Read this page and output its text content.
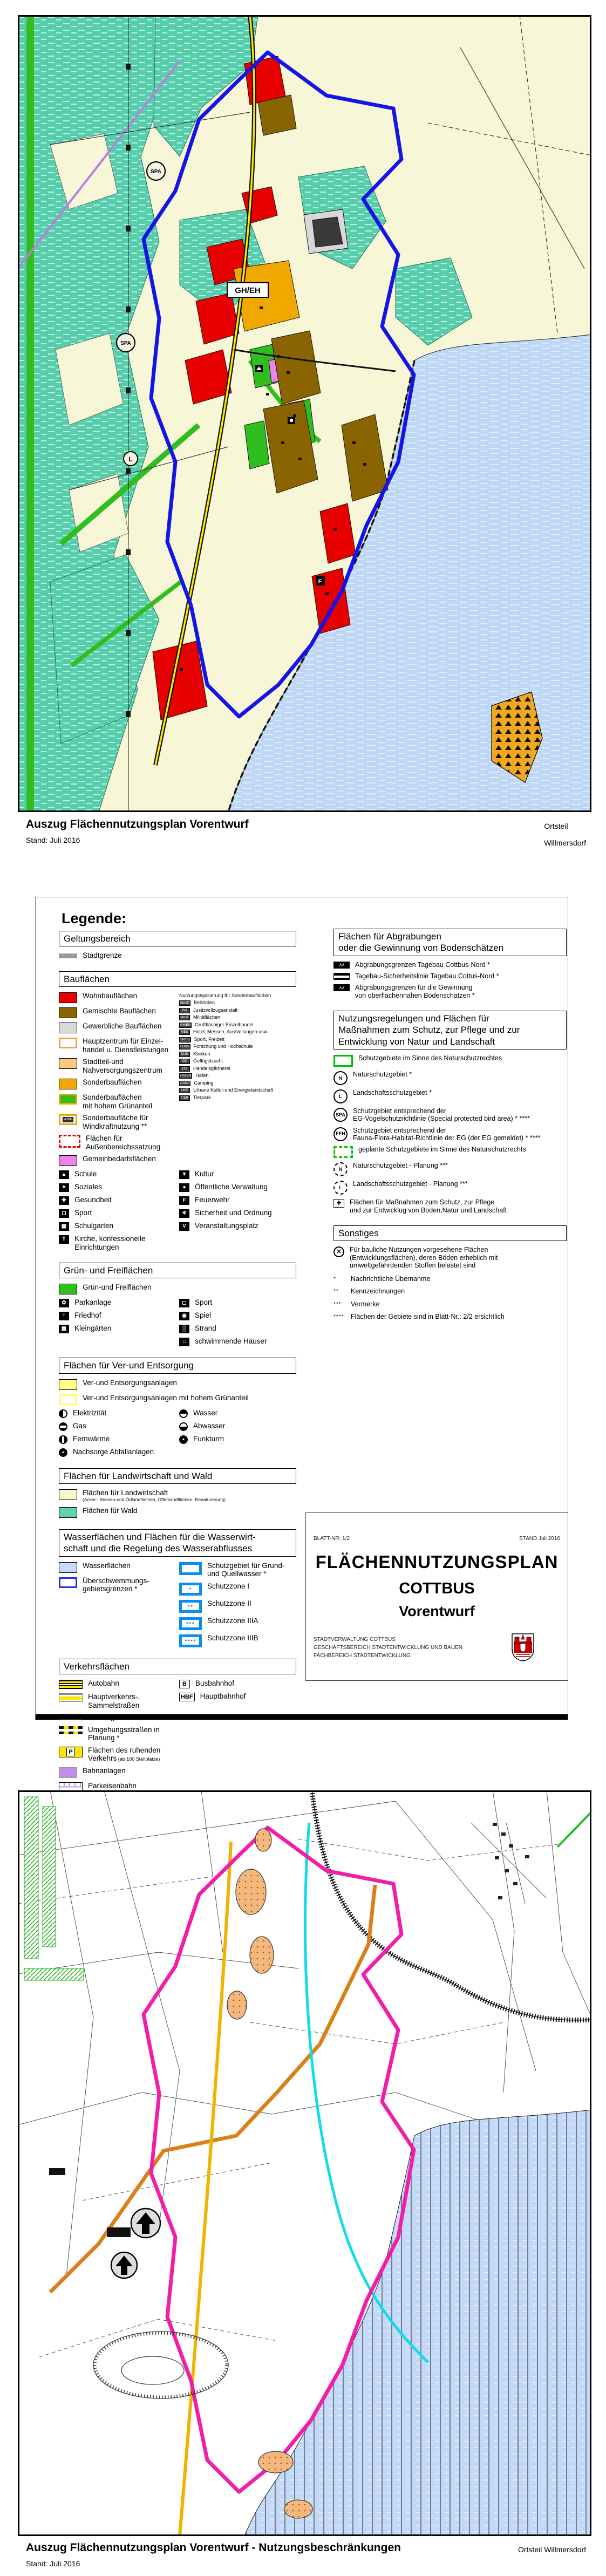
SPA
SPA
L
GH/EH
F
Auszug Flächennutzungsplan Vorentwurf
Stand: Juli 2016
Ortsteil
Willmersdorf
Legende:
Geltungsbereich
Stadtgrenze
Bauflächen
Wohnbauflächen
Gemischte Bauflächen
Gewerbliche Bauflächen
Hauptzentrum für Einzel-
handel u. Dienstleistungen
Stadtteil-und
Nahversorgungszentrum
Sonderbauflächen
Sonderbauflächen
mit hohem Grünanteil
WIND Sonderbaufläche für
Windkraftnutzung **
Flächen für
Außenbereichssatzung
Gemeinbedarfsflächen
Nutzungstypisierung für Sonderbauflächen
BEHÖ Behörden
JVA Justizvollzugsanstalt
MILIT Militäflächen
GH/EH Großflächiger Einzelhandel
MES Hotel, Messen, Ausstellungen usw.
SP/FR Sport, Freizeit
FORS Forschung und Hochschule
KLIN Kliniken
GZ Geflügelzucht
HG Handelsgärtnerei
HAFEN Hafen
CAMP Camping
UKE Urbane Kultur-und Energielandschaft
TIER Tierpark
▲ Schule
✦ Soziales
✚ Gesundheit
◻ Sport
▦ Schulgarten
✝ Kirche, konfessionelle Einrichtungen
▼ Kultur
● Öffentliche Verwaltung
F Feuerwehr
✳ Sicherheit und Ordnung
V Veranstaltungsplatz
Grün- und Freiflächen
Grün-und Freiflächen
✿ Parkanlage
† Friedhof
▩ Kleingärten
◻ Sport
◉ Spiel
▒ Strand
⌂ schwimmende Häuser
Flächen für Ver-und Entsorgung
Ver-und Entsorgungsanlagen
Ver-und Entsorgungsanlagen mit hohem Grünanteil
Elektrizität
Gas
Fernwärme
▲ Nachsorge Abfallanlagen
Wasser
Abwasser
▲ Funkturm
Flächen für Landwirtschaft und Wald
Flächen für Landwirtschaft
(Acker-, Wiesen-und Ödlandflächen, Offenlandflächen, Renaturierung)
Flächen für Wald
Wasserflächen und Flächen für die Wasserwirt-
schaft und die Regelung des Wasserabflusses
Wasserflächen
Überschwemmungs-
gebietsgrenzen *
Schutzgebiet für Grund-
und Quellwasser *
●	Schutzzone I
●●	Schutzzone II
●●●	Schutzzone IIIA
●●●●	Schutzzone IIIB
Verkehrsflächen
Autobahn
Hauptverkehrs-,
Sammelstraßen
Umgehungsstraßen in Planung *
P Flächen des ruhenden Verkehrs (ab 100 Stellplätze)
Bahnanlagen
Parkeisenbahn
B Busbahnhof
HBF Hauptbahnhof
Flächen für Abgrabungen
oder die Gewinnung von Bodenschätzen
∧∧ Abgrabungsgrenzen Tagebau Cottbus-Nord *
Tagebau-Sicherheitslinie Tagebau Cottus-Nord *
∧∧ Abgrabungsgrenzen für die Gewinnung
von oberflächennahen Bodenschätzen *
Nutzungsregelungen und Flächen für
Maßnahmen zum Schutz, zur Pflege und zur
Entwicklung von Natur und Landschaft
Schutzgebiete im Sinne des Naturschutzrechtes
N Naturschutzgebiet *
L Landschaftsschutzgebiet *
SPA Schutzgebiet entsprechend der
EG-Vogelschutzrichtlinie (Special protected bird area) * ****
FFH Schutzgebiet entsprechend der
Fauna-Flora-Habitat-Richtlinie der EG (der EG gemeldet) * ****
geplante Schutzgebiete im Sinne des Naturschutzrechts
N Naturschutzgebiet - Planung ***
L Landschaftsschutzgebiet - Planung ***
✚ Flächen für Maßnahmen zum Schutz, zur Pflege
und zur Entwicklug von Boden,Natur und Landschaft
Sonstiges
✕ Für bauliche Nutzungen vorgesehene Flächen
(Entwicklungsflächen), deren Böden erheblich mit
umweltgefährdenden Stoffen belastet sind
* Nachrichtliche Übernahme
** Kennzeichnungen
*** Vermerke
**** Flächen der Gebiete sind in Blatt-Nr.: 2/2 ersichtlich
BLATT-NR: 1/2	STAND Juli 2016
FLÄCHENNUTZUNGSPLAN
COTTBUS
Vorentwurf
STADTVERWALTUNG COTTBUS
GESCHÄFTSBEREICH STADTENTWICKLUNG UND BAUEN
FACHBEREICH STADTENTWICKLUNG
Auszug Flächennutzungsplan Vorentwurf - Nutzungsbeschränkungen
Stand: Juli 2016
Ortsteil Willmersdorf
